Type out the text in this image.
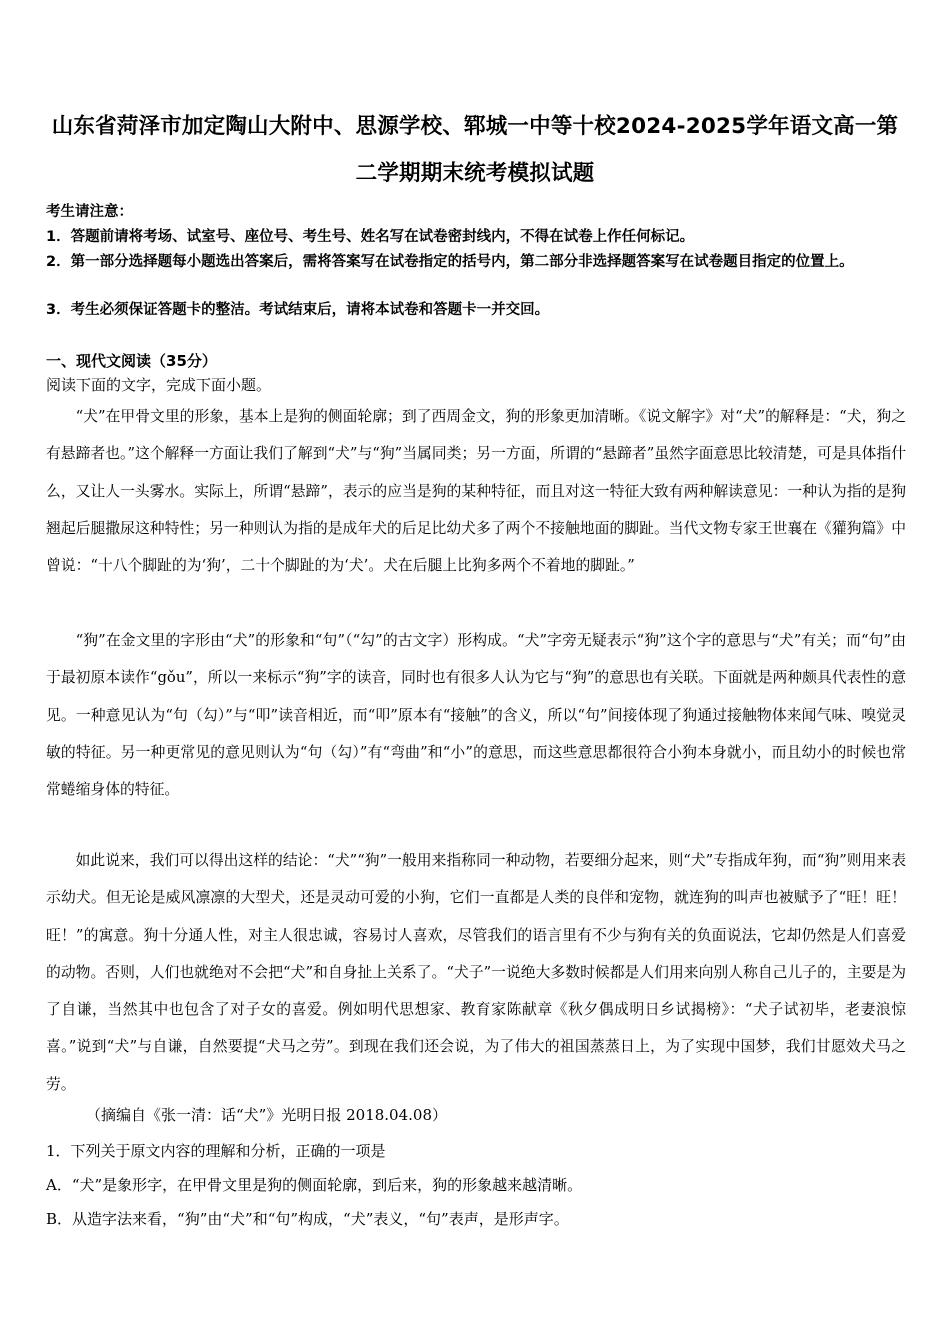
山东省菏泽市加定陶山大附中、思源学校、郓城一中等十校2024-2025学年语文高一第
二学期期末统考模拟试题
考生请注意：
1．答题前请将考场、试室号、座位号、考生号、姓名写在试卷密封线内，不得在试卷上作任何标记。
2．第一部分选择题每小题选出答案后，需将答案写在试卷指定的括号内，第二部分非选择题答案写在试卷题目指定的位置上。
3．考生必须保证答题卡的整洁。考试结束后，请将本试卷和答题卡一并交回。
一、现代文阅读（35分）
阅读下面的文字，完成下面小题。

“犬”在甲骨文里的形象，基本上是狗的侧面轮廓；到了西周金文，狗的形象更加清晰。《说文解字》对“犬”的解释是：“犬，狗之有悬蹄者也。”这个解释一方面让我们了解到“犬”与“狗”当属同类；另一方面，所谓的“悬蹄者”虽然字面意思比较清楚，可是具体指什么，又让人一头雾水。实际上，所谓“悬蹄”，表示的应当是狗的某种特征，而且对这一特征大致有两种解读意见：一种认为指的是狗翘起后腿撒尿这种特性；另一种则认为指的是成年犬的后足比幼犬多了两个不接触地面的脚趾。当代文物专家王世襄在《獾狗篇》中曾说：“十八个脚趾的为‘狗’，二十个脚趾的为‘犬’。犬在后腿上比狗多两个不着地的脚趾。”

“狗”在金文里的字形由“犬”的形象和“句”（“勾”的古文字）形构成。“犬”字旁无疑表示“狗”这个字的意思与“犬”有关；而“句”由于最初原本读作“gǒu”，所以一来标示“狗”字的读音，同时也有很多人认为它与“狗”的意思也有关联。下面就是两种颇具代表性的意见。一种意见认为“句（勾）”与“叩”读音相近，而“叩”原本有“接触”的含义，所以“句”间接体现了狗通过接触物体来闻气味、嗅觉灵敏的特征。另一种更常见的意见则认为“句（勾）”有“弯曲”和“小”的意思，而这些意思都很符合小狗本身就小，而且幼小的时候也常常蜷缩身体的特征。

如此说来，我们可以得出这样的结论：“犬”“狗”一般用来指称同一种动物，若要细分起来，则“犬”专指成年狗，而“狗”则用来表示幼犬。但无论是威风凛凛的大型犬，还是灵动可爱的小狗，它们一直都是人类的良伴和宠物，就连狗的叫声也被赋予了“旺！旺！旺！”的寓意。狗十分通人性，对主人很忠诚，容易讨人喜欢，尽管我们的语言里有不少与狗有关的负面说法，它却仍然是人们喜爱的动物。否则，人们也就绝对不会把“犬”和自身扯上关系了。“犬子”一说绝大多数时候都是人们用来向别人称自己儿子的，主要是为了自谦，当然其中也包含了对子女的喜爱。例如明代思想家、教育家陈献章《秋夕偶成明日乡试揭榜》：“犬子试初毕，老妻浪惊喜。”说到“犬”与自谦，自然要提“犬马之劳”。到现在我们还会说，为了伟大的祖国蒸蒸日上，为了实现中国梦，我们甘愿效犬马之劳。

（摘编自《张一清：话“犬”》光明日报 2018.04.08）
1．下列关于原文内容的理解和分析，正确的一项是
A．“犬”是象形字，在甲骨文里是狗的侧面轮廓，到后来，狗的形象越来越清晰。
B．从造字法来看，“狗”由“犬”和“句”构成，“犬”表义，“句”表声，是形声字。
